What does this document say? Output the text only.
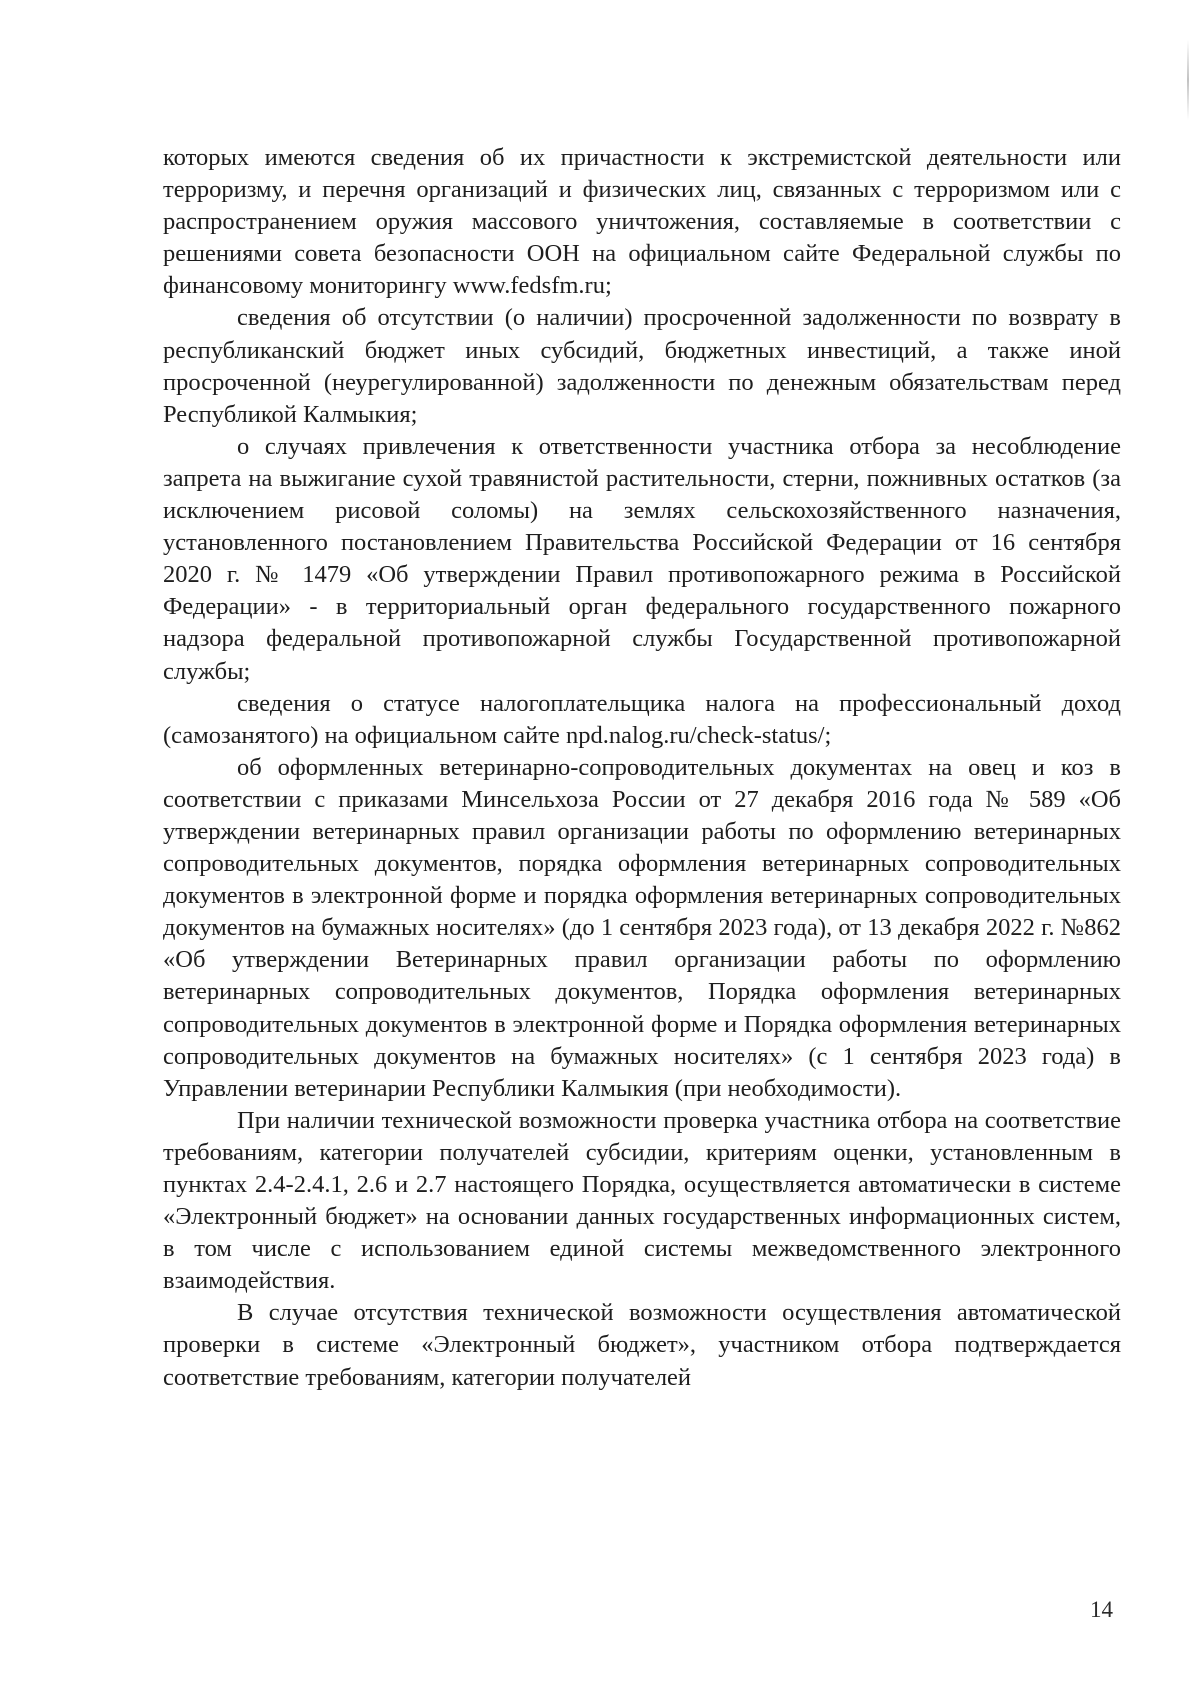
которых имеются сведения об их причастности к экстремистской деятельности или терроризму, и перечня организаций и физических лиц, связанных с терроризмом или с распространением оружия массового уничтожения, составляемые в соответствии с решениями совета безопасности ООН на официальном сайте Федеральной службы по финансовому мониторингу www.fedsfm.ru;

сведения об отсутствии (о наличии) просроченной задолженности по возврату в республиканский бюджет иных субсидий, бюджетных инвестиций, а также иной просроченной (неурегулированной) задолженности по денежным обязательствам перед Республикой Калмыкия;

о случаях привлечения к ответственности участника отбора за несоблюдение запрета на выжигание сухой травянистой растительности, стерни, пожнивных остатков (за исключением рисовой соломы) на землях сельскохозяйственного назначения, установленного постановлением Правительства Российской Федерации от 16 сентября 2020 г. № 1479 «Об утверждении Правил противопожарного режима в Российской Федерации» - в территориальный орган федерального государственного пожарного надзора федеральной противопожарной службы Государственной противопожарной службы;

сведения о статусе налогоплательщика налога на профессиональный доход (самозанятого) на официальном сайте npd.nalog.ru/check-status/;

об оформленных ветеринарно-сопроводительных документах на овец и коз в соответствии с приказами Минсельхоза России от 27 декабря 2016 года № 589 «Об утверждении ветеринарных правил организации работы по оформлению ветеринарных сопроводительных документов, порядка оформления ветеринарных сопроводительных документов в электронной форме и порядка оформления ветеринарных сопроводительных документов на бумажных носителях» (до 1 сентября 2023 года), от 13 декабря 2022 г. №862 «Об утверждении Ветеринарных правил организации работы по оформлению ветеринарных сопроводительных документов, Порядка оформления ветеринарных сопроводительных документов в электронной форме и Порядка оформления ветеринарных сопроводительных документов на бумажных носителях» (с 1 сентября 2023 года) в Управлении ветеринарии Республики Калмыкия (при необходимости).

При наличии технической возможности проверка участника отбора на соответствие требованиям, категории получателей субсидии, критериям оценки, установленным в пунктах 2.4-2.4.1, 2.6 и 2.7 настоящего Порядка, осуществляется автоматически в системе «Электронный бюджет» на основании данных государственных информационных систем, в том числе с использованием единой системы межведомственного электронного взаимодействия.

В случае отсутствия технической возможности осуществления автоматической проверки в системе «Электронный бюджет», участником отбора подтверждается соответствие требованиям, категории получателей

14
